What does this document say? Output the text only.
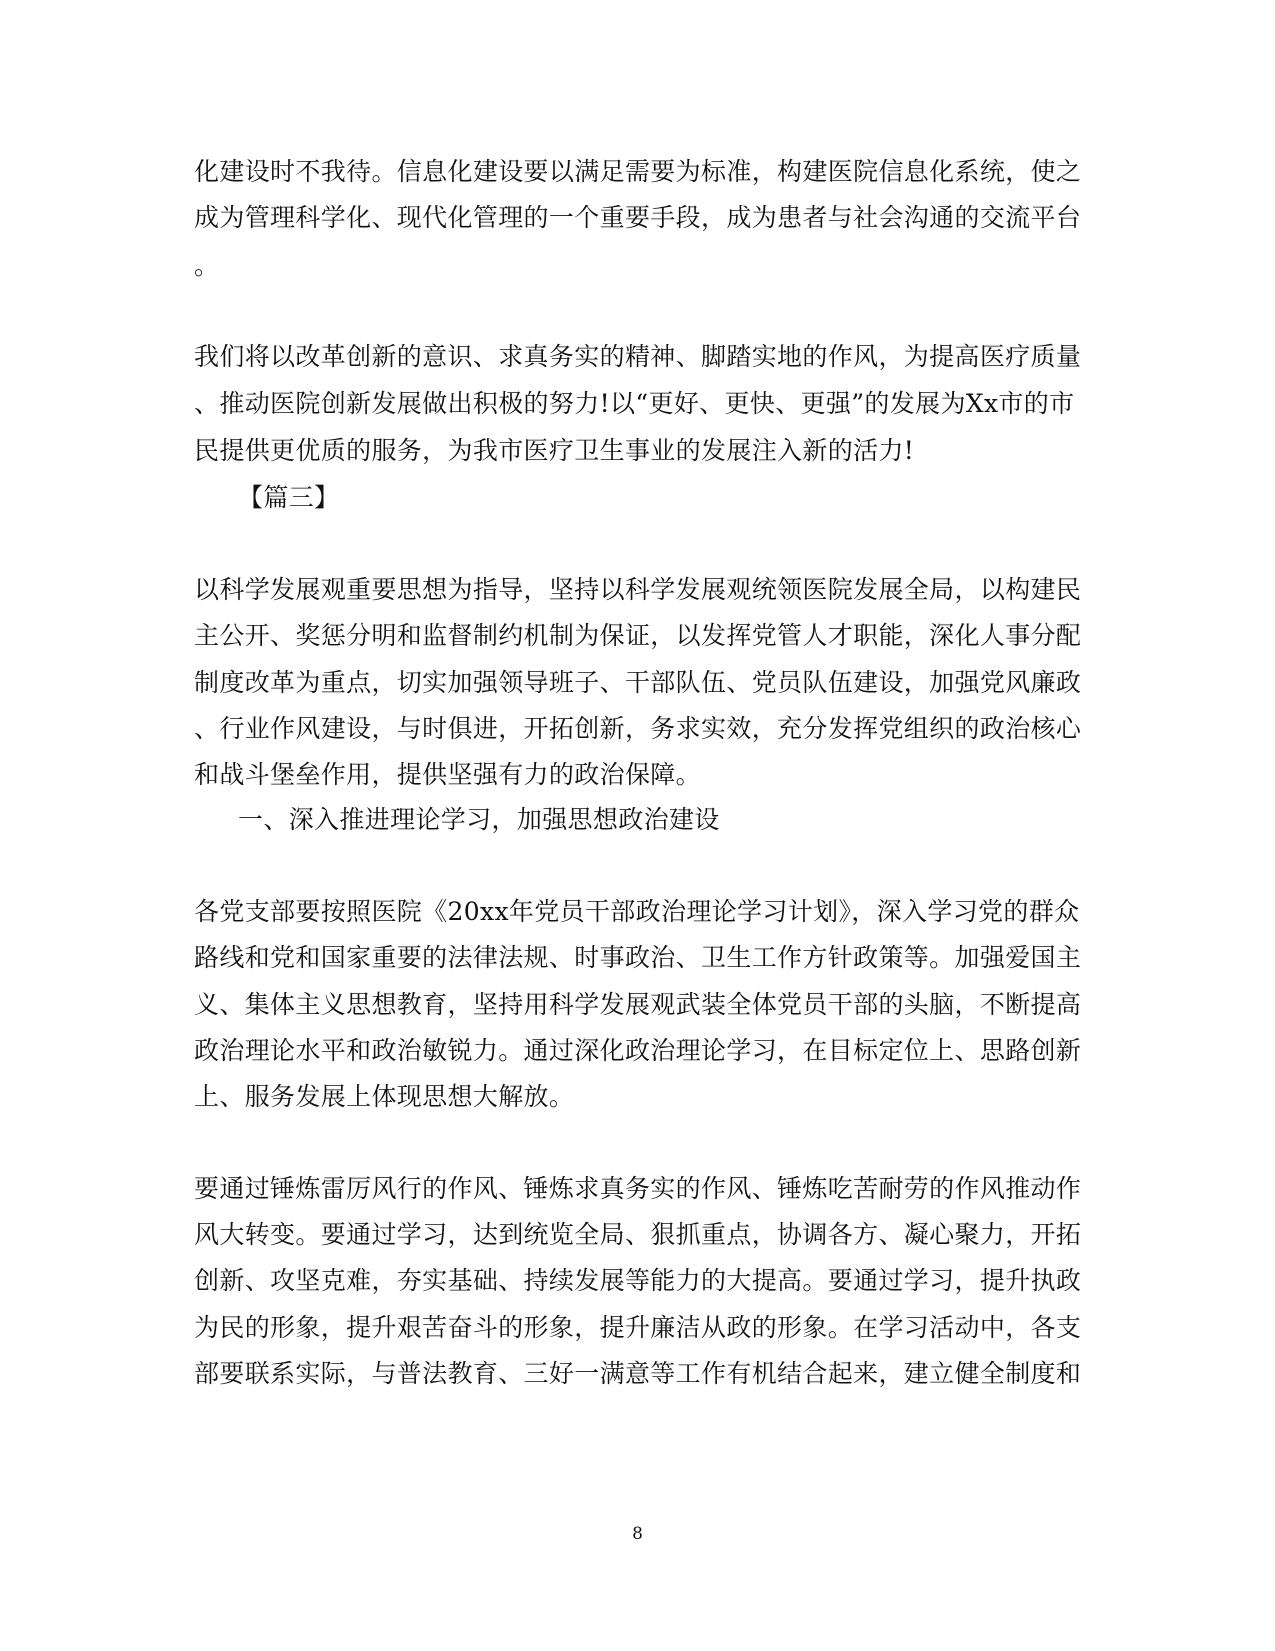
化建设时不我待。信息化建设要以满足需要为标准，构建医院信息化系统，使之
成为管理科学化、现代化管理的一个重要手段，成为患者与社会沟通的交流平台
。
我们将以改革创新的意识、求真务实的精神、脚踏实地的作风，为提高医疗质量
、推动医院创新发展做出积极的努力!以“更好、更快、更强”的发展为Xx市的市
民提供更优质的服务，为我市医疗卫生事业的发展注入新的活力!
【篇三】
以科学发展观重要思想为指导，坚持以科学发展观统领医院发展全局，以构建民
主公开、奖惩分明和监督制约机制为保证，以发挥党管人才职能，深化人事分配
制度改革为重点，切实加强领导班子、干部队伍、党员队伍建设，加强党风廉政
、行业作风建设，与时俱进，开拓创新，务求实效，充分发挥党组织的政治核心
和战斗堡垒作用，提供坚强有力的政治保障。
一、深入推进理论学习，加强思想政治建设
各党支部要按照医院《20xx年党员干部政治理论学习计划》，深入学习党的群众
路线和党和国家重要的法律法规、时事政治、卫生工作方针政策等。加强爱国主
义、集体主义思想教育，坚持用科学发展观武装全体党员干部的头脑，不断提高
政治理论水平和政治敏锐力。通过深化政治理论学习，在目标定位上、思路创新
上、服务发展上体现思想大解放。
要通过锤炼雷厉风行的作风、锤炼求真务实的作风、锤炼吃苦耐劳的作风推动作
风大转变。要通过学习，达到统览全局、狠抓重点，协调各方、凝心聚力，开拓
创新、攻坚克难，夯实基础、持续发展等能力的大提高。要通过学习，提升执政
为民的形象，提升艰苦奋斗的形象，提升廉洁从政的形象。在学习活动中，各支
部要联系实际，与普法教育、三好一满意等工作有机结合起来，建立健全制度和
8
